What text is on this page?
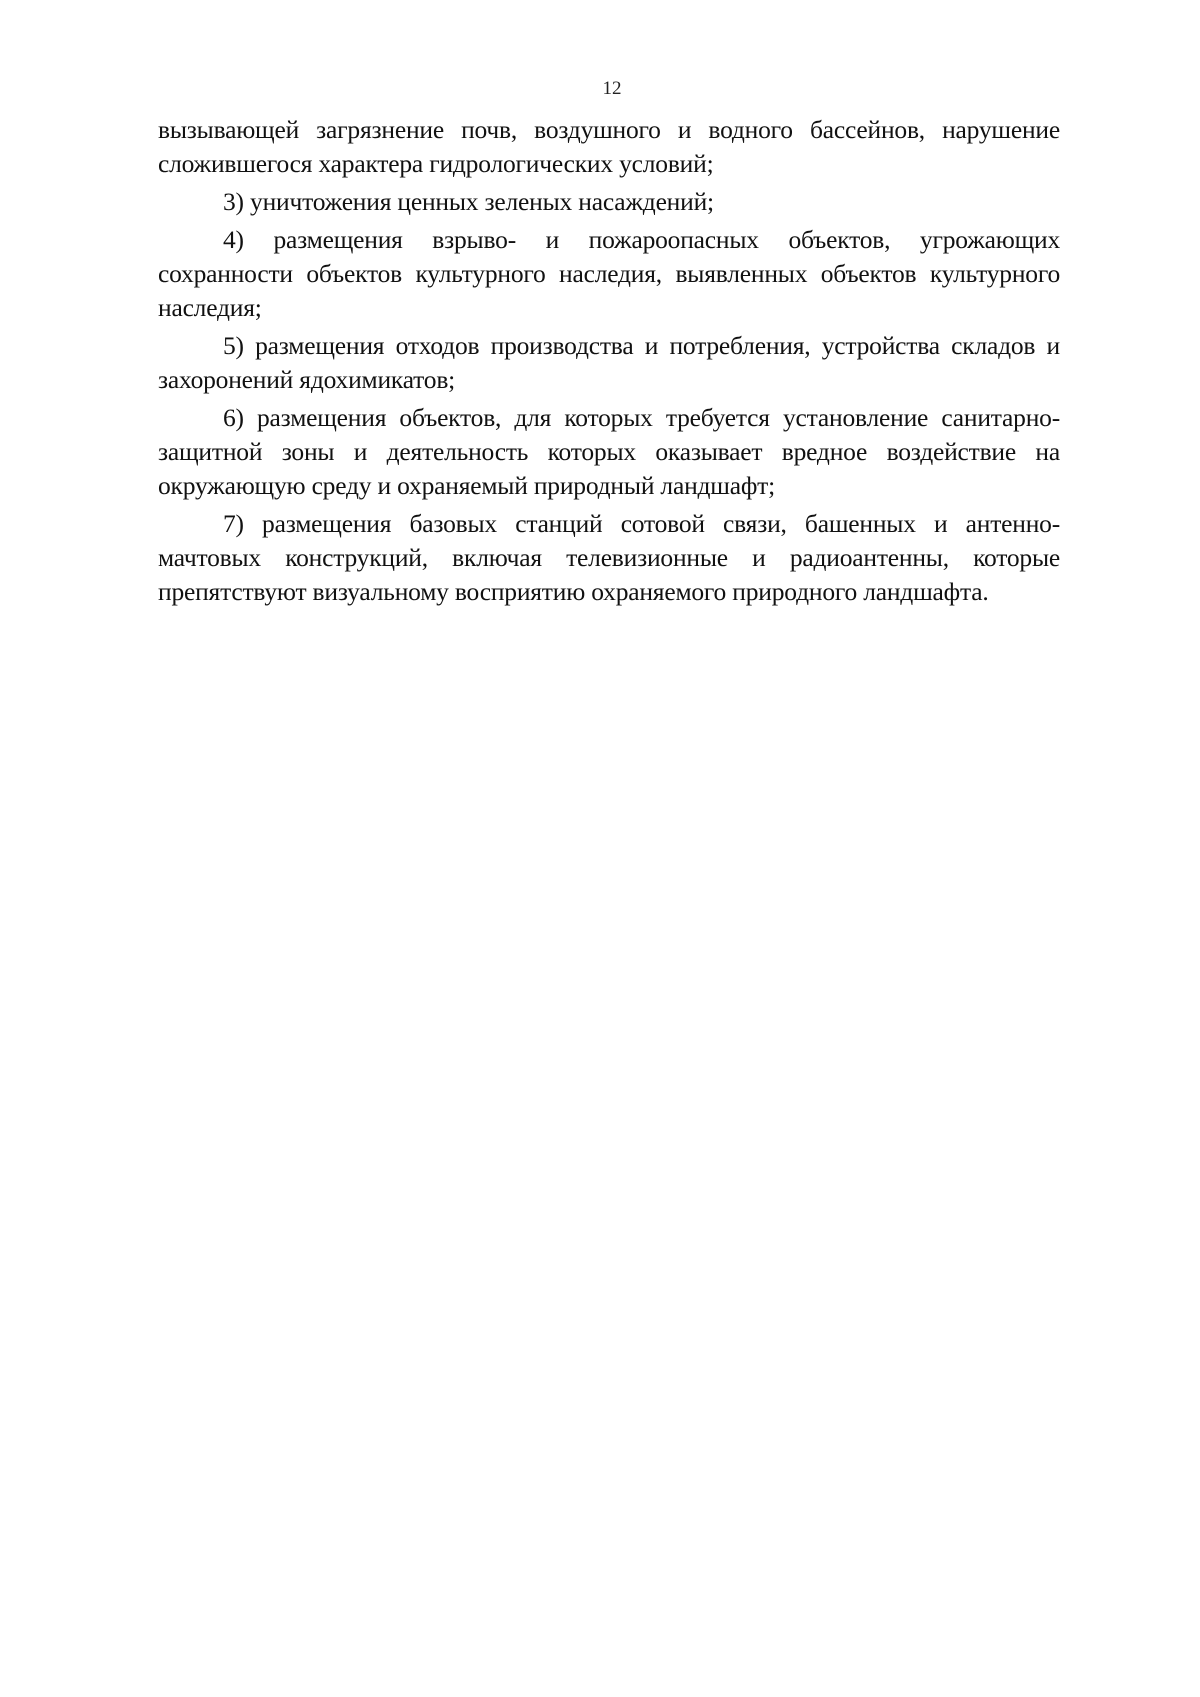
12

вызывающей загрязнение почв, воздушного и водного бассейнов, нарушение сложившегося характера гидрологических условий;

3) уничтожения ценных зеленых насаждений;

4) размещения взрыво- и пожароопасных объектов, угрожающих сохранности объектов культурного наследия, выявленных объектов культурного наследия;

5) размещения отходов производства и потребления, устройства складов и захоронений ядохимикатов;

6) размещения объектов, для которых требуется установление санитарно-защитной зоны и деятельность которых оказывает вредное воздействие на окружающую среду и охраняемый природный ландшафт;

7) размещения базовых станций сотовой связи, башенных и антенно-мачтовых конструкций, включая телевизионные и радиоантенны, которые препятствуют визуальному восприятию охраняемого природного ландшафта.
